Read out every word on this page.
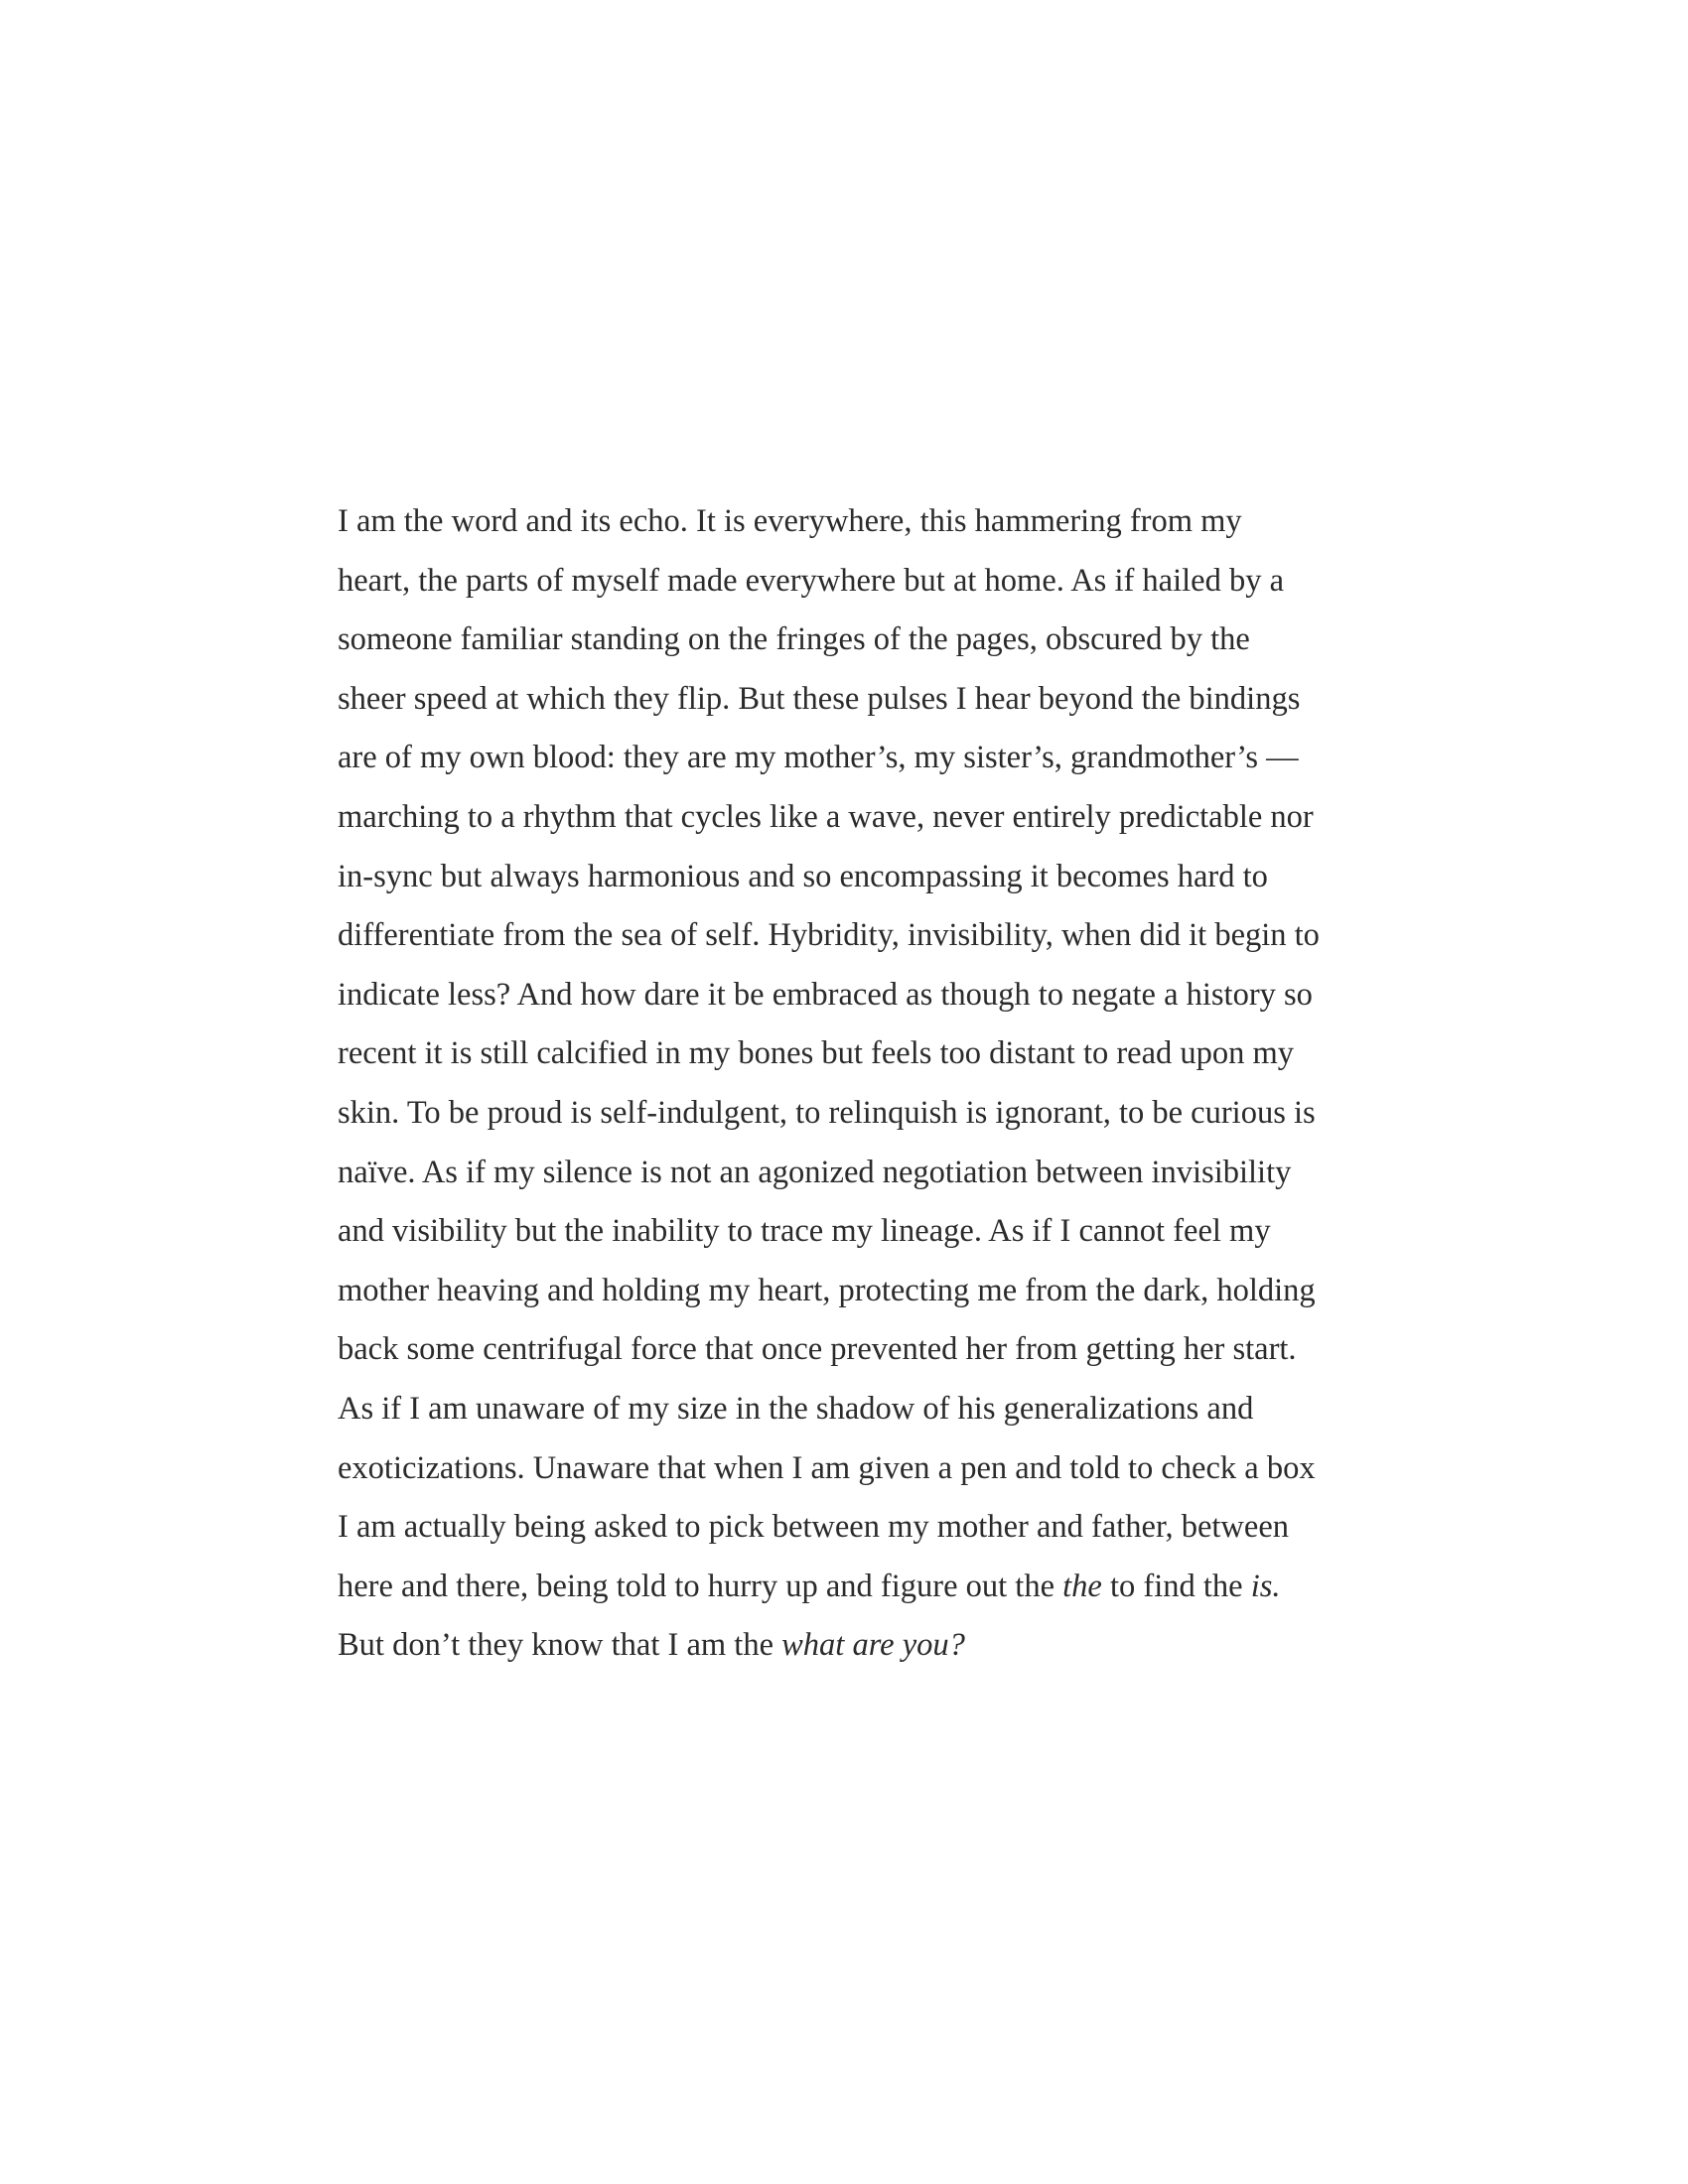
I am the word and its echo. It is everywhere, this hammering from my
heart, the parts of myself made everywhere but at home. As if hailed by a
someone familiar standing on the fringes of the pages, obscured by the
sheer speed at which they flip. But these pulses I hear beyond the bindings
are of my own blood: they are my mother’s, my sister’s, grandmother’s —
marching to a rhythm that cycles like a wave, never entirely predictable nor
in-sync but always harmonious and so encompassing it becomes hard to
differentiate from the sea of self. Hybridity, invisibility, when did it begin to
indicate less? And how dare it be embraced as though to negate a history so
recent it is still calcified in my bones but feels too distant to read upon my
skin. To be proud is self-indulgent, to relinquish is ignorant, to be curious is
naïve. As if my silence is not an agonized negotiation between invisibility
and visibility but the inability to trace my lineage. As if I cannot feel my
mother heaving and holding my heart, protecting me from the dark, holding
back some centrifugal force that once prevented her from getting her start.
As if I am unaware of my size in the shadow of his generalizations and
exoticizations. Unaware that when I am given a pen and told to check a box
I am actually being asked to pick between my mother and father, between
here and there, being told to hurry up and figure out the the to find the is.
But don’t they know that I am the what are you?
